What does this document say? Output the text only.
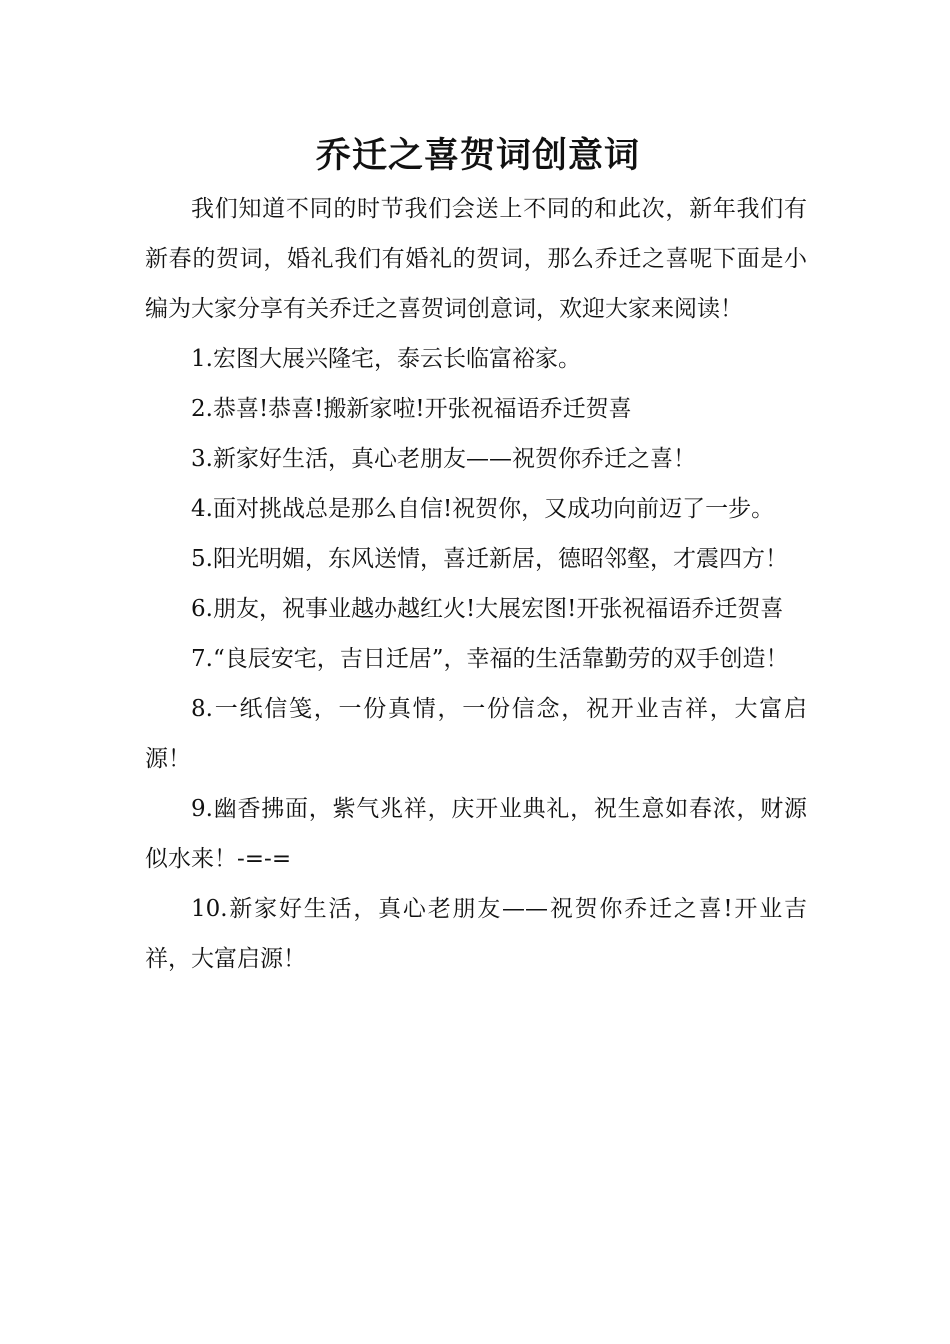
乔迁之喜贺词创意词

我们知道不同的时节我们会送上不同的和此次，新年我们有新春的贺词，婚礼我们有婚礼的贺词，那么乔迁之喜呢下面是小编为大家分享有关乔迁之喜贺词创意词，欢迎大家来阅读！

1.宏图大展兴隆宅，泰云长临富裕家。

2.恭喜!恭喜!搬新家啦!开张祝福语乔迁贺喜

3.新家好生活，真心老朋友——祝贺你乔迁之喜！

4.面对挑战总是那么自信!祝贺你，又成功向前迈了一步。

5.阳光明媚，东风送情，喜迁新居，德昭邻壑，才震四方！

6.朋友，祝事业越办越红火!大展宏图!开张祝福语乔迁贺喜

7.“良辰安宅，吉日迁居”，幸福的生活靠勤劳的双手创造！

8.一纸信笺，一份真情，一份信念，祝开业吉祥，大富启源！

9.幽香拂面，紫气兆祥，庆开业典礼，祝生意如春浓，财源似水来！-=-=

10.新家好生活，真心老朋友——祝贺你乔迁之喜!开业吉祥，大富启源！
